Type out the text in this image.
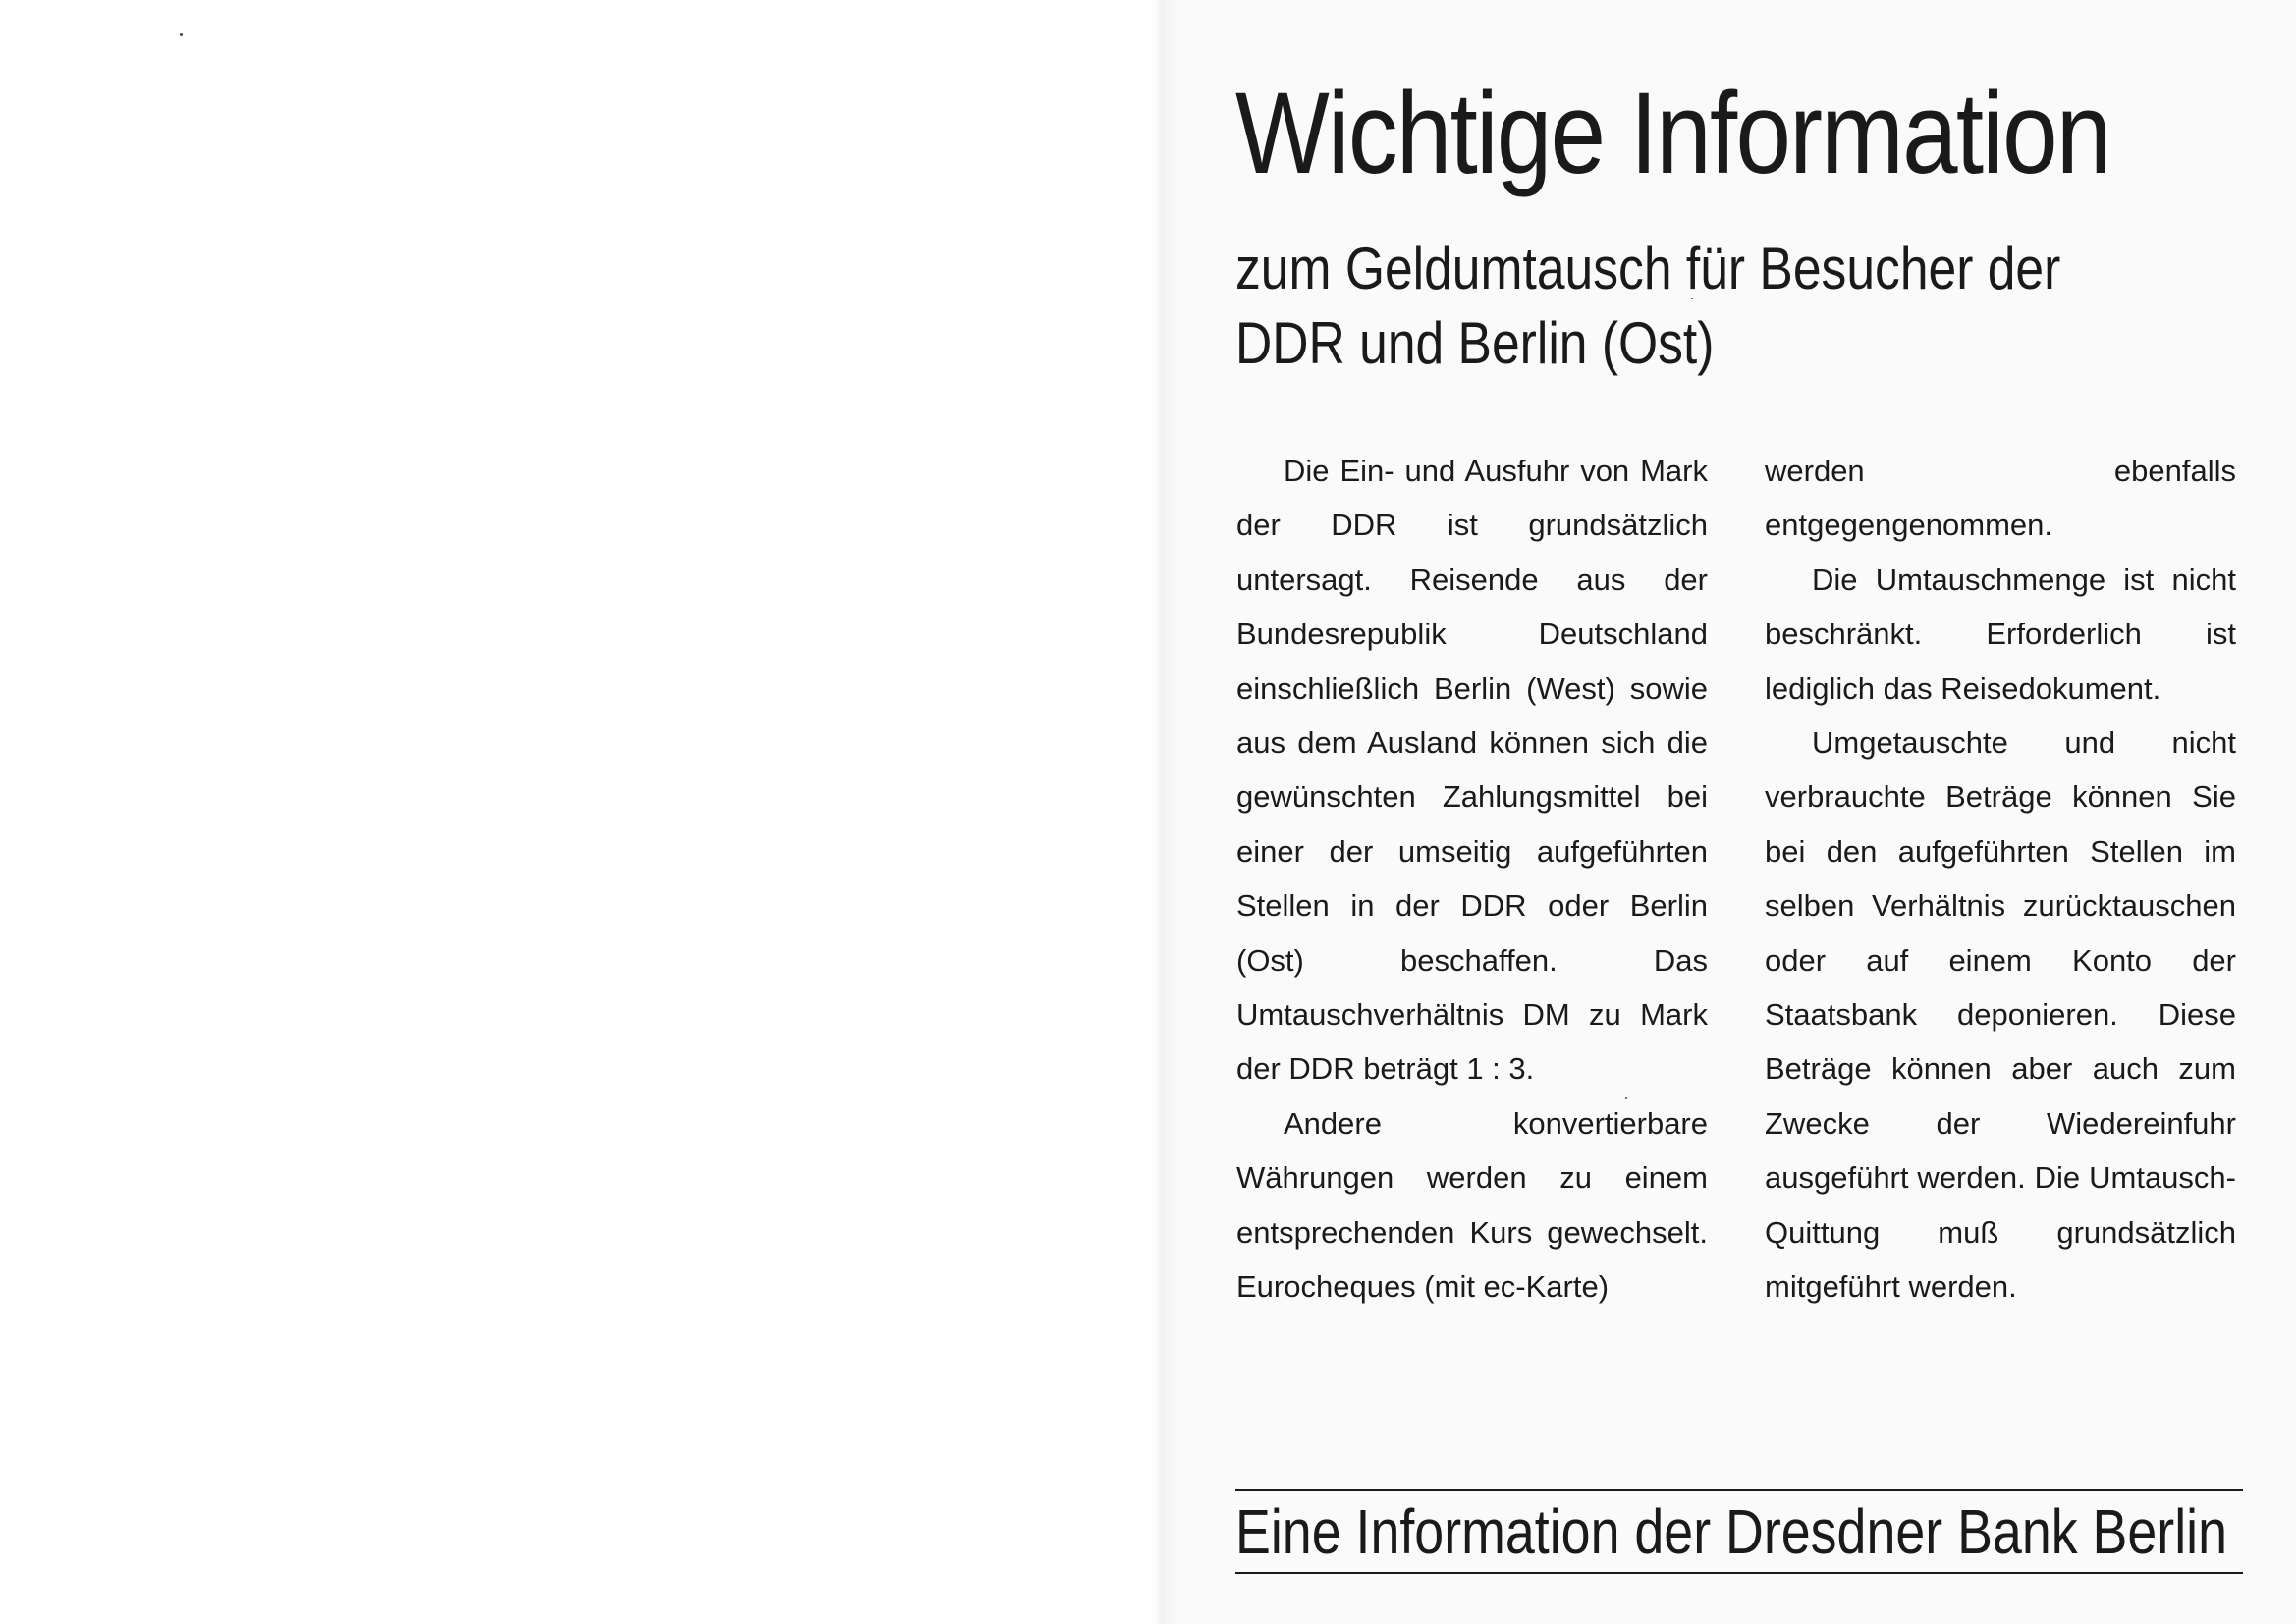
Wichtige Information
zum Geldumtausch für Besucher der DDR und Berlin (Ost)

Die Ein- und Ausfuhr von Mark der DDR ist grundsätzlich untersagt. Reisende aus der Bundesrepublik Deutschland einschließlich Berlin (West) sowie aus dem Ausland können sich die gewünschten Zahlungsmittel bei einer der umseitig aufgeführten Stellen in der DDR oder Berlin (Ost) beschaffen. Das Umtauschverhältnis DM zu Mark der DDR beträgt 1 : 3.

Andere konvertierbare Währungen werden zu einem entsprechenden Kurs gewechselt. Eurocheques (mit ec-Karte)

werden ebenfalls entgegengenommen.

Die Umtauschmenge ist nicht beschränkt. Erforderlich ist lediglich das Reisedokument.

Umgetauschte und nicht verbrauchte Beträge können Sie bei den aufgeführten Stellen im selben Verhältnis zurücktauschen oder auf einem Konto der Staatsbank deponieren. Diese Beträge können aber auch zum Zwecke der Wiedereinfuhr ausgeführt werden. Die Umtausch-Quittung muß grundsätzlich mitgeführt werden.

Eine Information der Dresdner Bank Berlin
